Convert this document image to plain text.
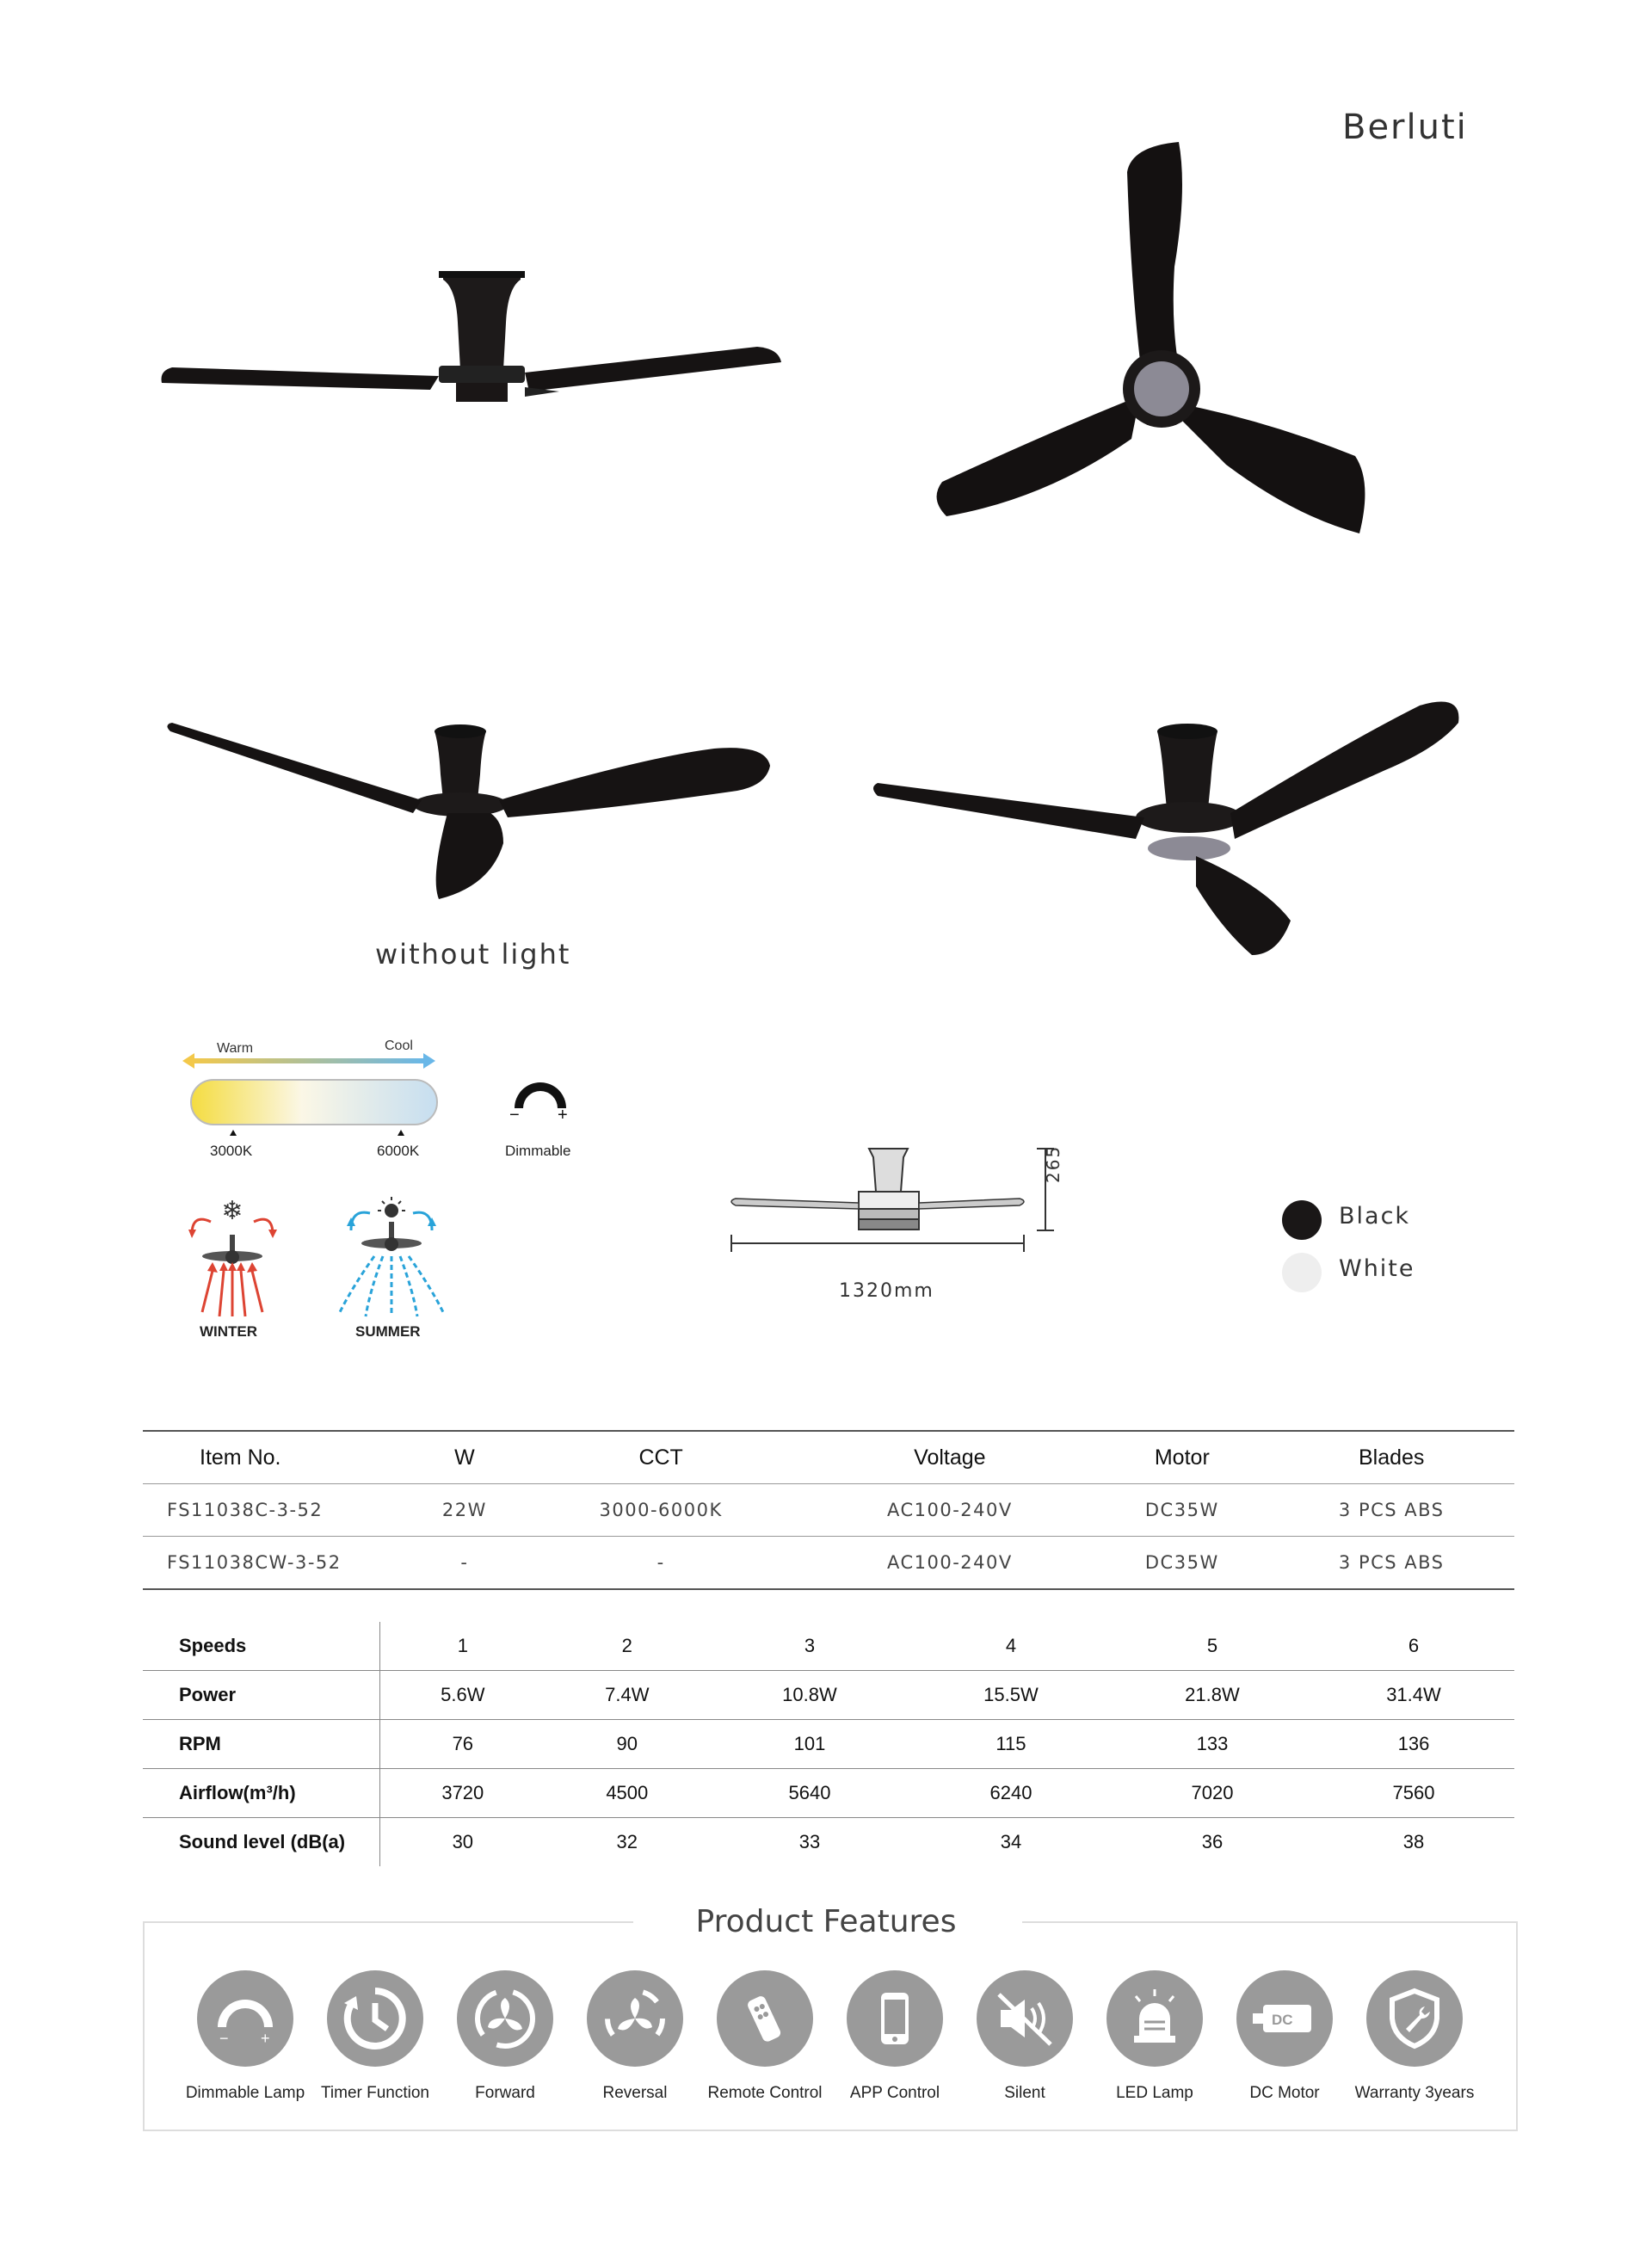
Berluti
without light
Warm	Cool
3000K	6000K
− +
Dimmable
❄
WINTER	SUMMER
1320mm
265
Black
White
Item No.	W	CCT	Voltage	Motor	Blades
FS11038C-3-52	22W	3000-6000K	AC100-240V	DC35W	3 PCS ABS
FS11038CW-3-52	-	-	AC100-240V	DC35W	3 PCS ABS
Speeds	1	2	3	4	5	6
Power	5.6W	7.4W	10.8W	15.5W	21.8W	31.4W
RPM	76	90	101	115	133	136
Airflow(m³/h)	3720	4500	5640	6240	7020	7560
Sound level (dB(a)	30	32	33	34	36	38
Product Features
− +
Dimmable Lamp Timer Function	Forward	Reversal	Remote Control	APP Control	Silent	LED Lamp
DC
DC Motor	Warranty 3years
